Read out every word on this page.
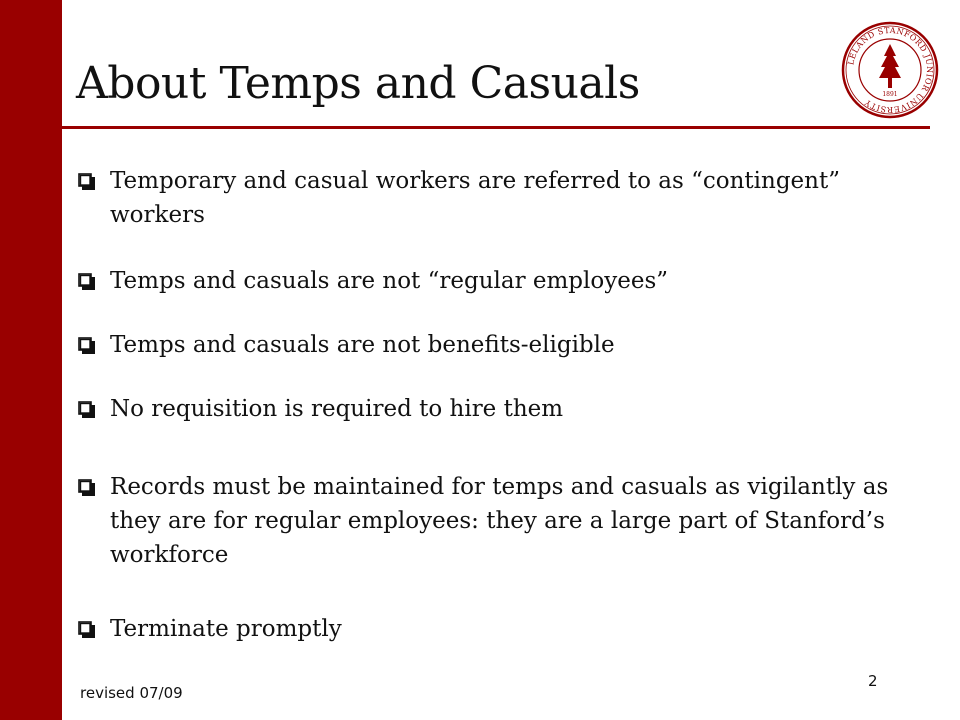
About Temps and Casuals	LELAND STANFORD JUNIOR UNIVERSITY
1891
Temporary and casual workers are referred to as “contingent” workers
Temps and casuals are not “regular employees”
Temps and casuals are not benefits-eligible
No requisition is required to hire them
Records must be maintained for temps and casuals as vigilantly as they are for regular employees: they are a large part of Stanford’s workforce
Terminate promptly
revised 07/09
2
